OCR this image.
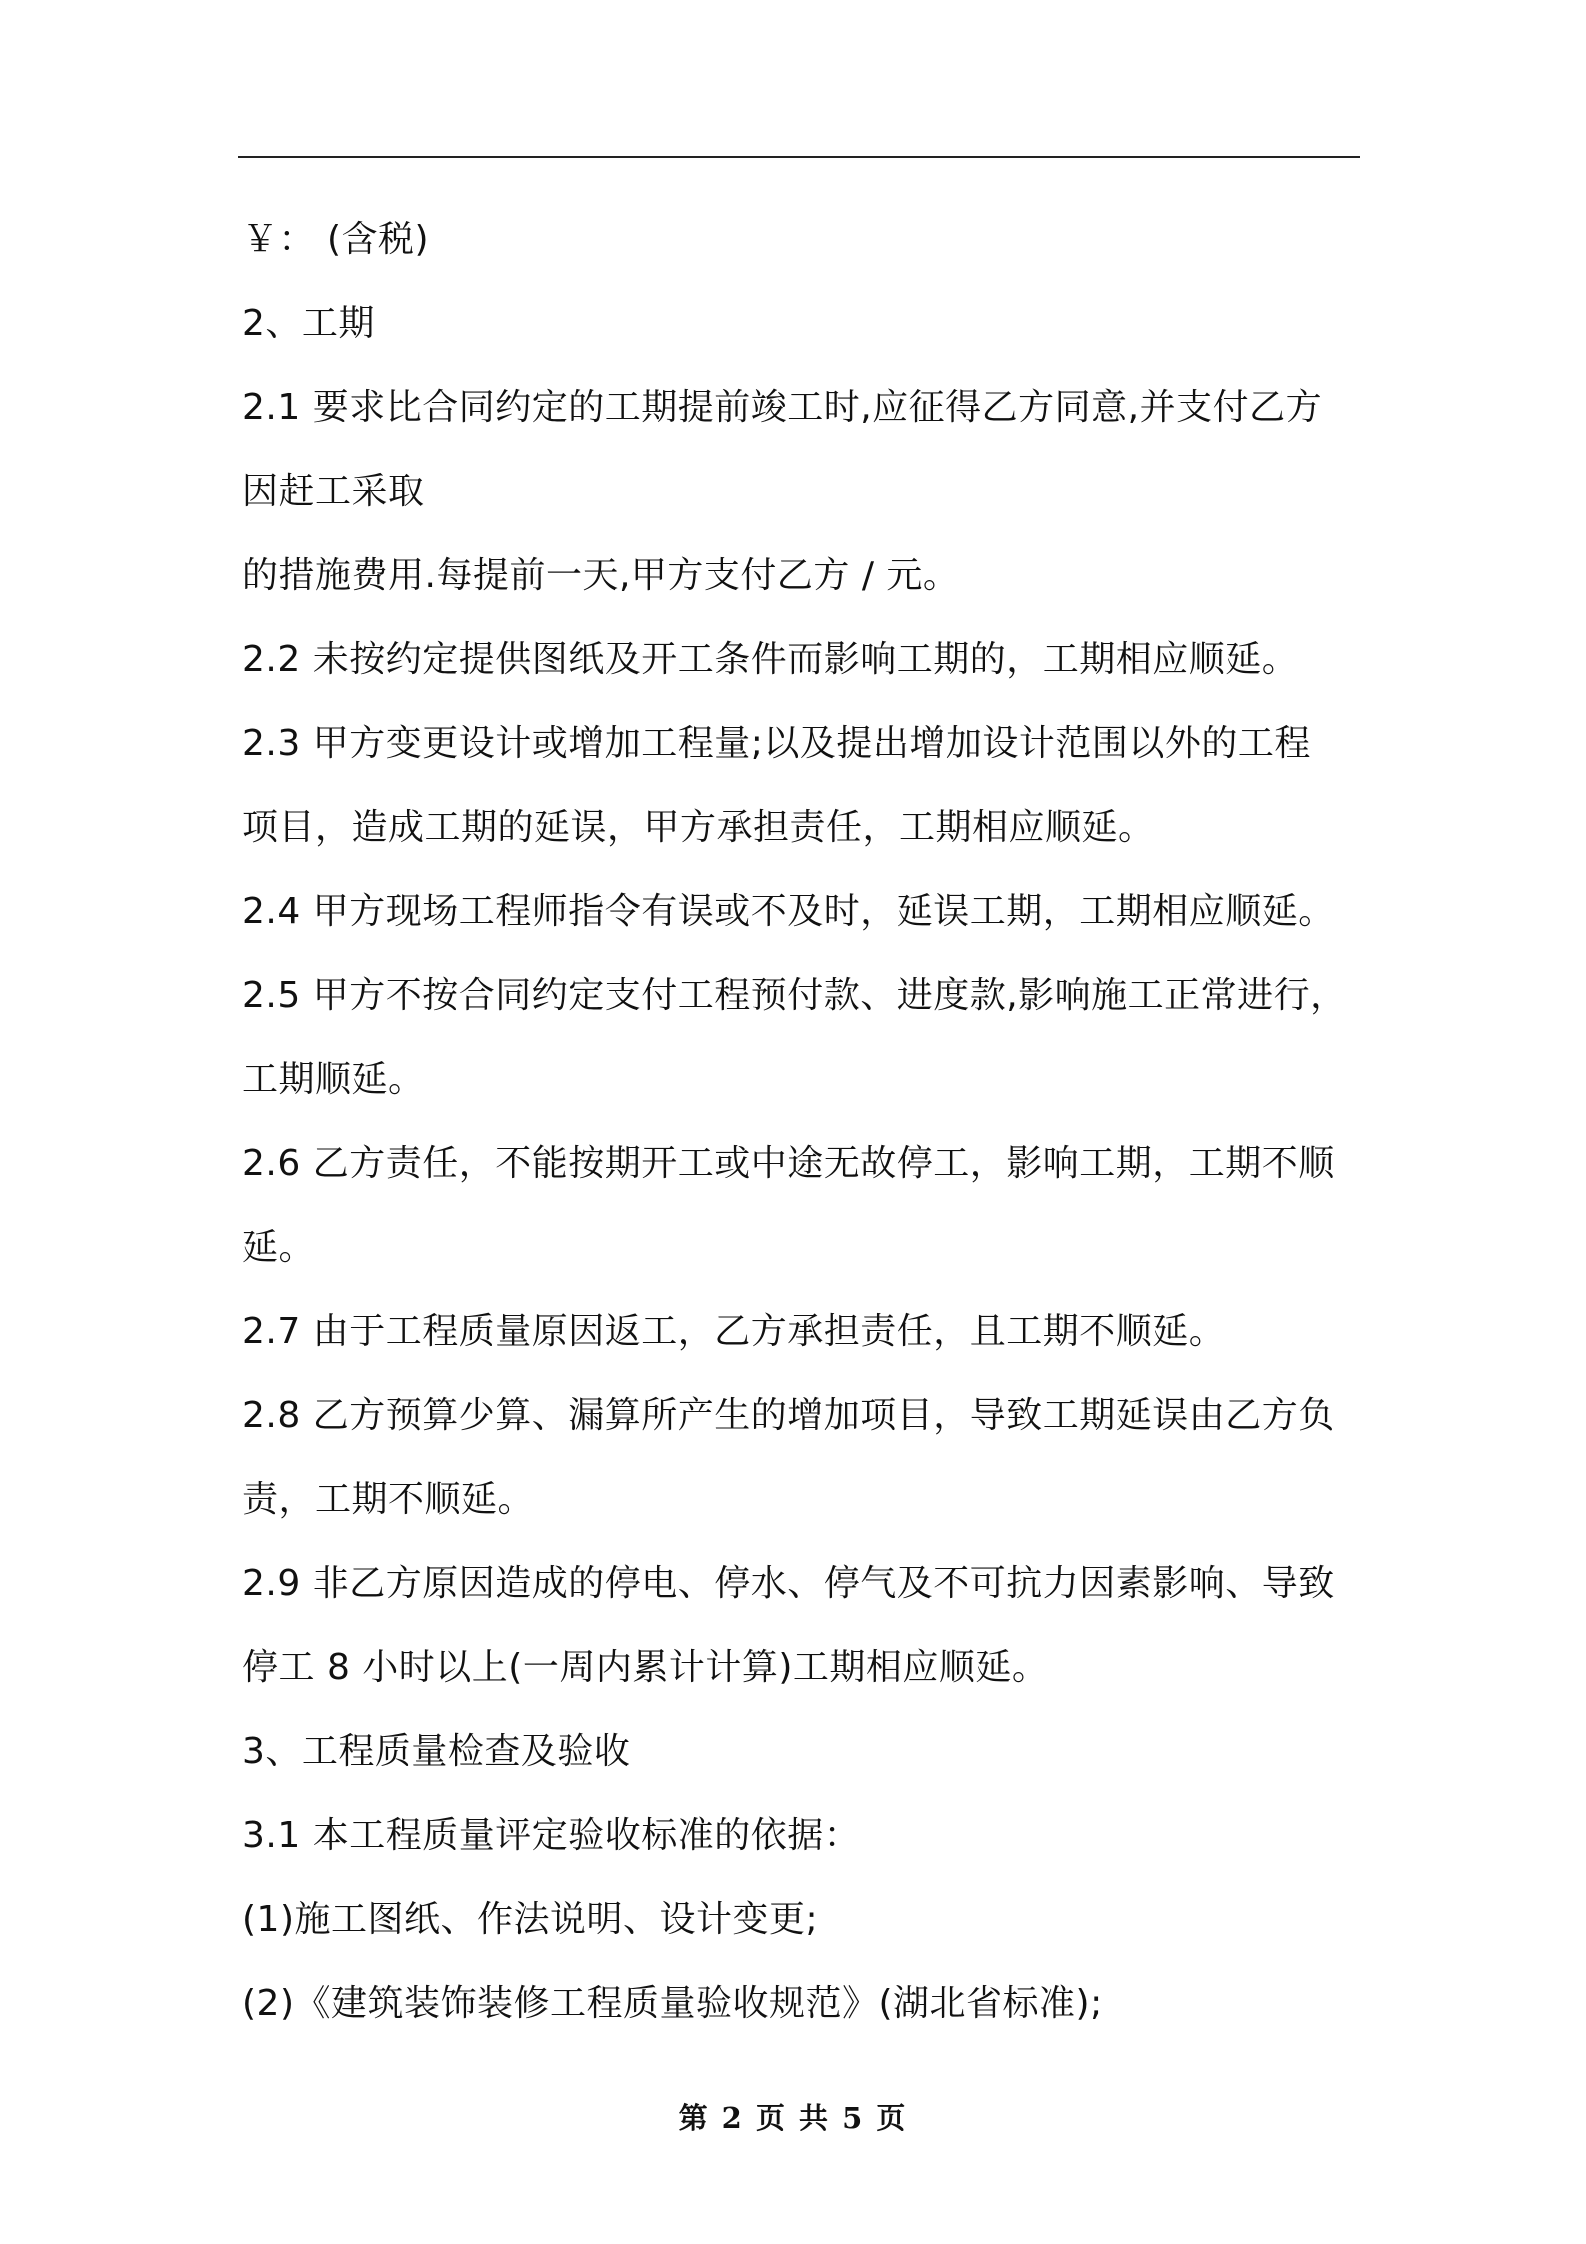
￥： (含税)
2、工期
2.1 要求比合同约定的工期提前竣工时,应征得乙方同意,并支付乙方
因赶工采取
的措施费用.每提前一天,甲方支付乙方 / 元。
2.2 未按约定提供图纸及开工条件而影响工期的，工期相应顺延。
2.3 甲方变更设计或增加工程量;以及提出增加设计范围以外的工程
项目，造成工期的延误，甲方承担责任，工期相应顺延。
2.4 甲方现场工程师指令有误或不及时，延误工期，工期相应顺延。
2.5 甲方不按合同约定支付工程预付款、进度款,影响施工正常进行，
工期顺延。
2.6 乙方责任，不能按期开工或中途无故停工，影响工期，工期不顺
延。
2.7 由于工程质量原因返工，乙方承担责任，且工期不顺延。
2.8 乙方预算少算、漏算所产生的增加项目，导致工期延误由乙方负
责，工期不顺延。
2.9 非乙方原因造成的停电、停水、停气及不可抗力因素影响、导致
停工 8 小时以上(一周内累计计算)工期相应顺延。
3、工程质量检查及验收
3.1 本工程质量评定验收标准的依据：
(1)施工图纸、作法说明、设计变更;
(2)《建筑装饰装修工程质量验收规范》(湖北省标准);
第 2 页 共 5 页
